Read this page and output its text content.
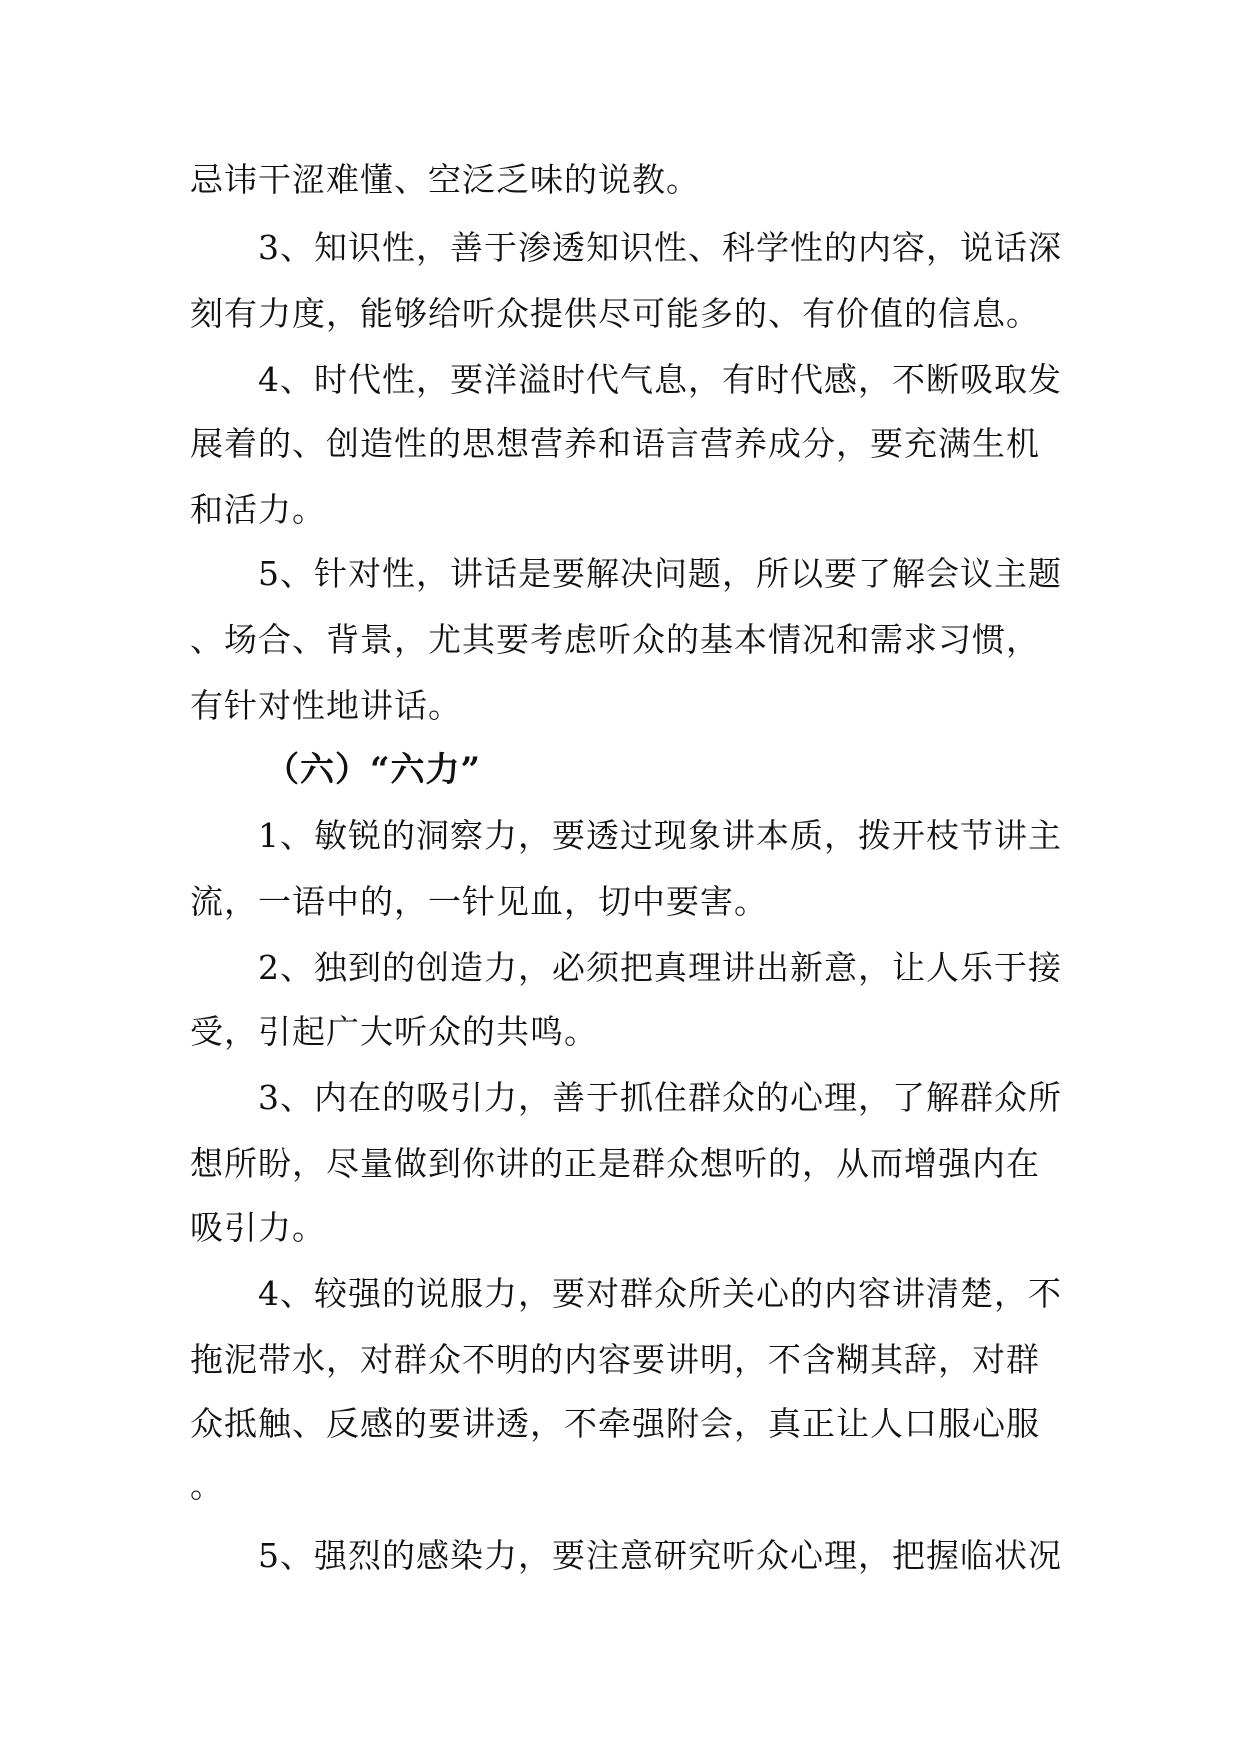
忌讳干涩难懂、空泛乏味的说教。
　　3、知识性，善于渗透知识性、科学性的内容，说话深
刻有力度，能够给听众提供尽可能多的、有价值的信息。
　　4、时代性，要洋溢时代气息，有时代感，不断吸取发
展着的、创造性的思想营养和语言营养成分，要充满生机
和活力。
　　5、针对性，讲话是要解决问题，所以要了解会议主题
、场合、背景，尤其要考虑听众的基本情况和需求习惯，
有针对性地讲话。
（六）“六力”
　　1、敏锐的洞察力，要透过现象讲本质，拨开枝节讲主
流，一语中的，一针见血，切中要害。
　　2、独到的创造力，必须把真理讲出新意，让人乐于接
受，引起广大听众的共鸣。
　　3、内在的吸引力，善于抓住群众的心理，了解群众所
想所盼，尽量做到你讲的正是群众想听的，从而增强内在
吸引力。
　　4、较强的说服力，要对群众所关心的内容讲清楚，不
拖泥带水，对群众不明的内容要讲明，不含糊其辞，对群
众抵触、反感的要讲透，不牵强附会，真正让人口服心服
。
　　5、强烈的感染力，要注意研究听众心理，把握临状况
